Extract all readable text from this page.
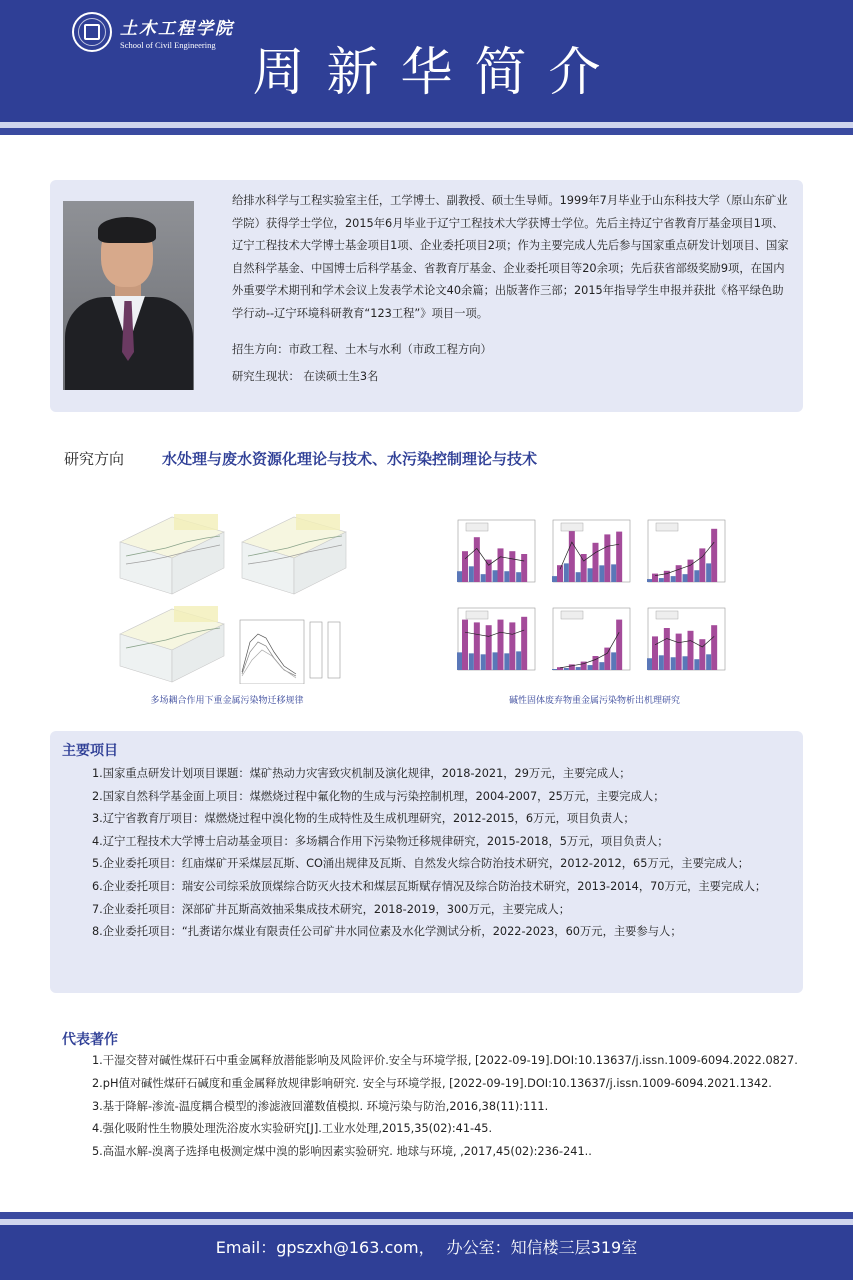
土木工程学院
School of Civil Engineering 周新华简介

给排水科学与工程实验室主任，工学博士、副教授、硕士生导师。1999年7月毕业于山东科技大学（原山东矿业学院）获得学士学位，2015年6月毕业于辽宁工程技术大学获博士学位。先后主持辽宁省教育厅基金项目1项、辽宁工程技术大学博士基金项目1项、企业委托项目2项；作为主要完成人先后参与国家重点研发计划项目、国家自然科学基金、中国博士后科学基金、省教育厅基金、企业委托项目等20余项；先后获省部级奖励9项，在国内外重要学术期刊和学术会议上发表学术论文40余篇；出版著作三部；2015年指导学生申报并获批《格平绿色助学行动--辽宁环境科研教育“123工程”》项目一项。

招生方向：市政工程、土木与水利（市政工程方向）
研究生现状： 在读硕士生3名
研究方向	水处理与废水资源化理论与技术、水污染控制理论与技术
多场耦合作用下重金属污染物迁移规律	碱性固体废弃物重金属污染物析出机理研究
主要项目
1.国家重点研发计划项目课题：煤矿热动力灾害致灾机制及演化规律，2018-2021，29万元，主要完成人；
2.国家自然科学基金面上项目：煤燃烧过程中氟化物的生成与污染控制机理，2004-2007，25万元，主要完成人；
3.辽宁省教育厅项目：煤燃烧过程中溴化物的生成特性及生成机理研究，2012-2015，6万元，项目负责人；
4.辽宁工程技术大学博士启动基金项目：多场耦合作用下污染物迁移规律研究，2015-2018，5万元，项目负责人；
5.企业委托项目：红庙煤矿开采煤层瓦斯、CO涌出规律及瓦斯、自然发火综合防治技术研究，2012-2012，65万元，主要完成人；
6.企业委托项目：瑞安公司综采放顶煤综合防灭火技术和煤层瓦斯赋存情况及综合防治技术研究，2013-2014，70万元，主要完成人；
7.企业委托项目：深部矿井瓦斯高效抽采集成技术研究，2018-2019，300万元，主要完成人；
8.企业委托项目：“扎赉诺尔煤业有限责任公司矿井水同位素及水化学测试分析，2022-2023，60万元，主要参与人；
代表著作
1.干湿交替对碱性煤矸石中重金属释放潜能影响及风险评价.安全与环境学报, [2022-09-19].DOI:10.13637/j.issn.1009-6094.2022.0827.
2.pH值对碱性煤矸石碱度和重金属释放规律影响研究. 安全与环境学报, [2022-09-19].DOI:10.13637/j.issn.1009-6094.2021.1342.
3.基于降解-渗流-温度耦合模型的渗滤液回灌数值模拟. 环境污染与防治,2016,38(11):111.
4.强化吸附性生物膜处理洗浴废水实验研究[J].工业水处理,2015,35(02):41-45.
5.高温水解-溴离子选择电极测定煤中溴的影响因素实验研究. 地球与环境, ,2017,45(02):236-241..
Email：gpszxh@163.com， 办公室：知信楼三层319室
